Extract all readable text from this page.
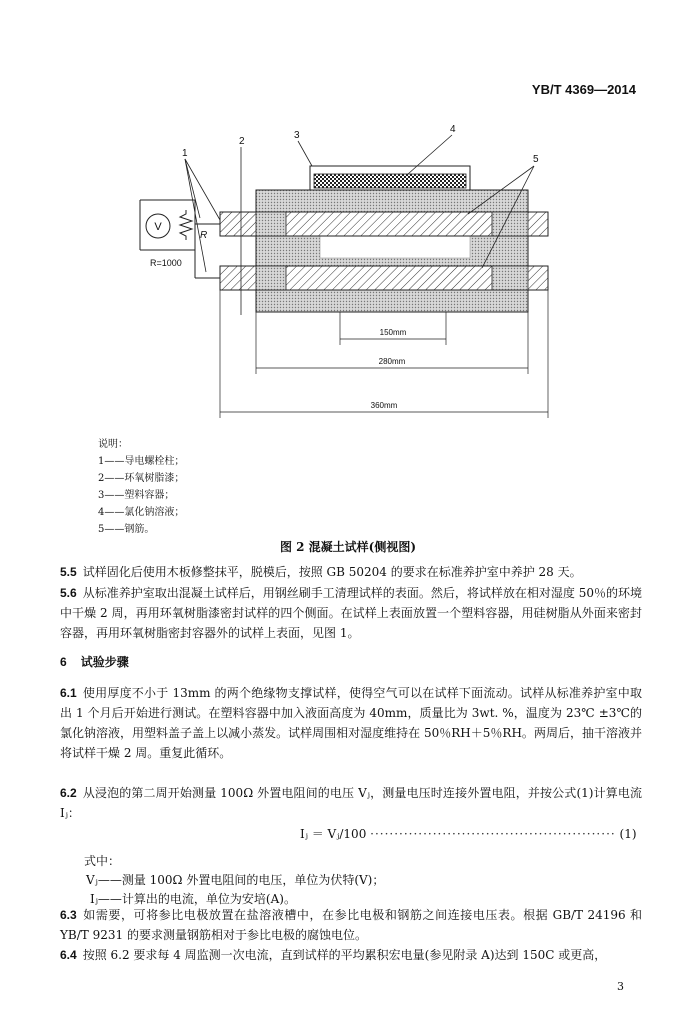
YB/T 4369—2014
V
R
R=1000
1
2
3
4
5
150mm
280mm
360mm
说明：
1——导电螺栓柱；
2——环氧树脂漆；
3——塑料容器；
4——氯化钠溶液；
5——钢筋。
图 2 混凝土试样(侧视图)
5.5 试样固化后使用木板修整抹平，脱模后，按照 GB 50204 的要求在标准养护室中养护 28 天。
5.6 从标准养护室取出混凝土试样后，用钢丝刷手工清理试样的表面。然后，将试样放在相对湿度 50％的环境中干燥 2 周，再用环氧树脂漆密封试样的四个侧面。在试样上表面放置一个塑料容器，用硅树脂从外面来密封容器，再用环氧树脂密封容器外的试样上表面，见图 1。
6 试验步骤
6.1 使用厚度不小于 13mm 的两个绝缘物支撑试样，使得空气可以在试样下面流动。试样从标准养护室中取出 1 个月后开始进行测试。在塑料容器中加入液面高度为 40mm，质量比为 3wt. %，温度为 23℃ ±3℃的氯化钠溶液，用塑料盖子盖上以减小蒸发。试样周围相对湿度维持在 50％RH＋5％RH。两周后，抽干溶液并将试样干燥 2 周。重复此循环。
6.2 从浸泡的第二周开始测量 100Ω 外置电阻间的电压 Vⱼ，测量电压时连接外置电阻，并按公式(1)计算电流 Iⱼ：
Iⱼ ＝ Vⱼ/100 ··················································· (1)
式中：
Vⱼ——测量 100Ω 外置电阻间的电压，单位为伏特(V)；
Iⱼ——计算出的电流，单位为安培(A)。
6.3 如需要，可将参比电极放置在盐溶液槽中，在参比电极和钢筋之间连接电压表。根据 GB/T 24196 和 YB/T 9231 的要求测量钢筋相对于参比电极的腐蚀电位。
6.4 按照 6.2 要求每 4 周监测一次电流，直到试样的平均累积宏电量(参见附录 A)达到 150C 或更高，
3
